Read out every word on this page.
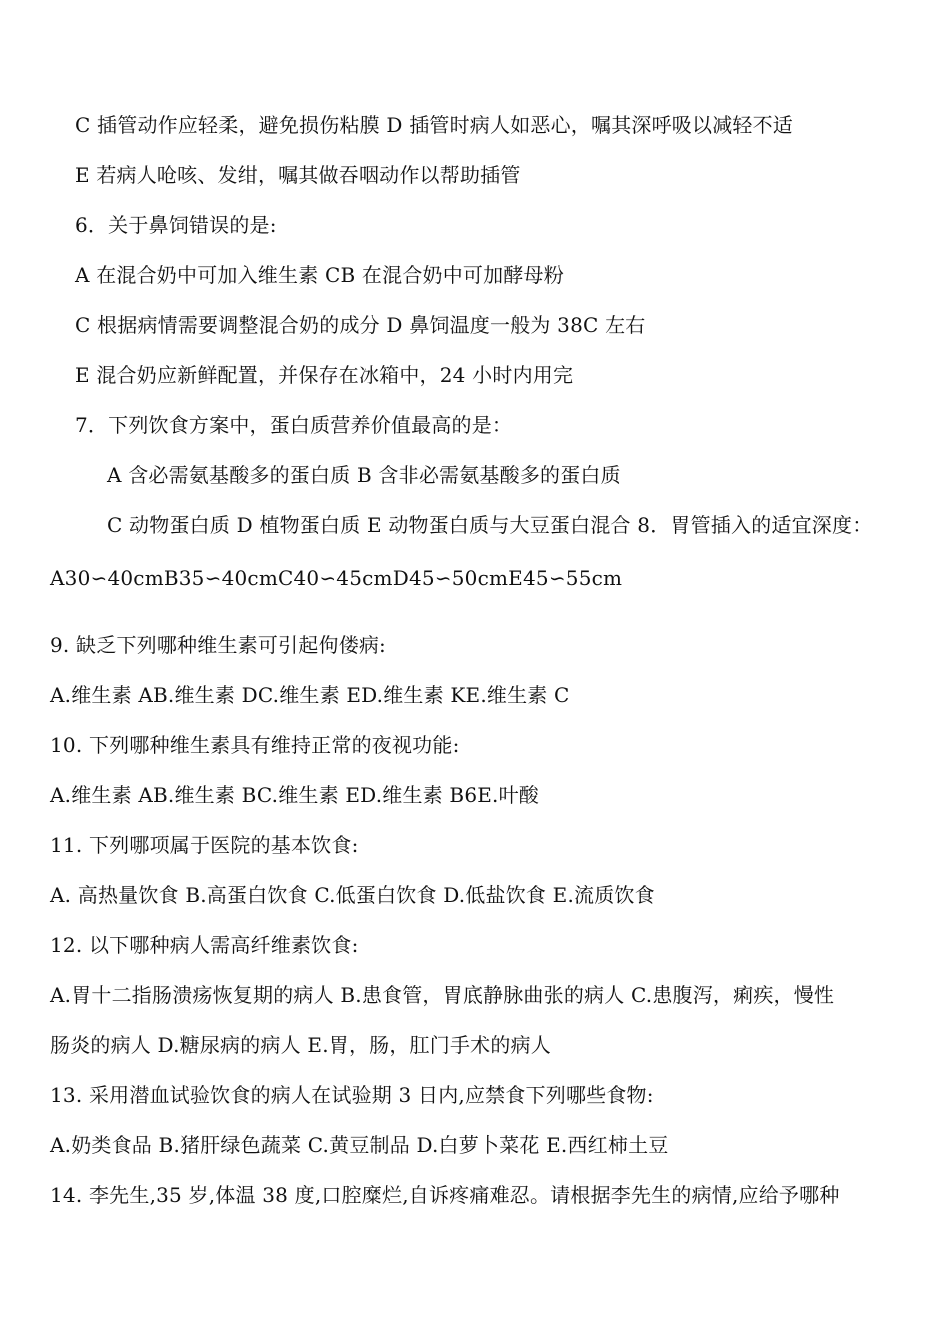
C 插管动作应轻柔，避免损伤粘膜 D 插管时病人如恶心，嘱其深呼吸以减轻不适
E 若病人呛咳、发绀，嘱其做吞咽动作以帮助插管
6．关于鼻饲错误的是:
A 在混合奶中可加入维生素 CB 在混合奶中可加酵母粉
C 根据病情需要调整混合奶的成分 D 鼻饲温度一般为 38C 左右
E 混合奶应新鲜配置，并保存在冰箱中，24 小时内用完
7．下列饮食方案中，蛋白质营养价值最高的是：
A 含必需氨基酸多的蛋白质 B 含非必需氨基酸多的蛋白质
C 动物蛋白质 D 植物蛋白质 E 动物蛋白质与大豆蛋白混合 8．胃管插入的适宜深度：
A30∽40cmB35∽40cmC40∽45cmD45∽50cmE45∽55cm
9. 缺乏下列哪种维生素可引起佝偻病:
A.维生素 AB.维生素 DC.维生素 ED.维生素 KE.维生素 C
10. 下列哪种维生素具有维持正常的夜视功能:
A.维生素 AB.维生素 BC.维生素 ED.维生素 B6E.叶酸
11. 下列哪项属于医院的基本饮食:
A. 高热量饮食 B.高蛋白饮食 C.低蛋白饮食 D.低盐饮食 E.流质饮食
12. 以下哪种病人需高纤维素饮食:
A.胃十二指肠溃疡恢复期的病人 B.患食管，胃底静脉曲张的病人 C.患腹泻，痢疾，慢性
肠炎的病人 D.糖尿病的病人 E.胃，肠，肛门手术的病人
13. 采用潜血试验饮食的病人在试验期 3 日内,应禁食下列哪些食物:
A.奶类食品 B.猪肝绿色蔬菜 C.黄豆制品 D.白萝卜菜花 E.西红柿土豆
14. 李先生,35 岁,体温 38 度,口腔糜烂,自诉疼痛难忍。请根据李先生的病情,应给予哪种
